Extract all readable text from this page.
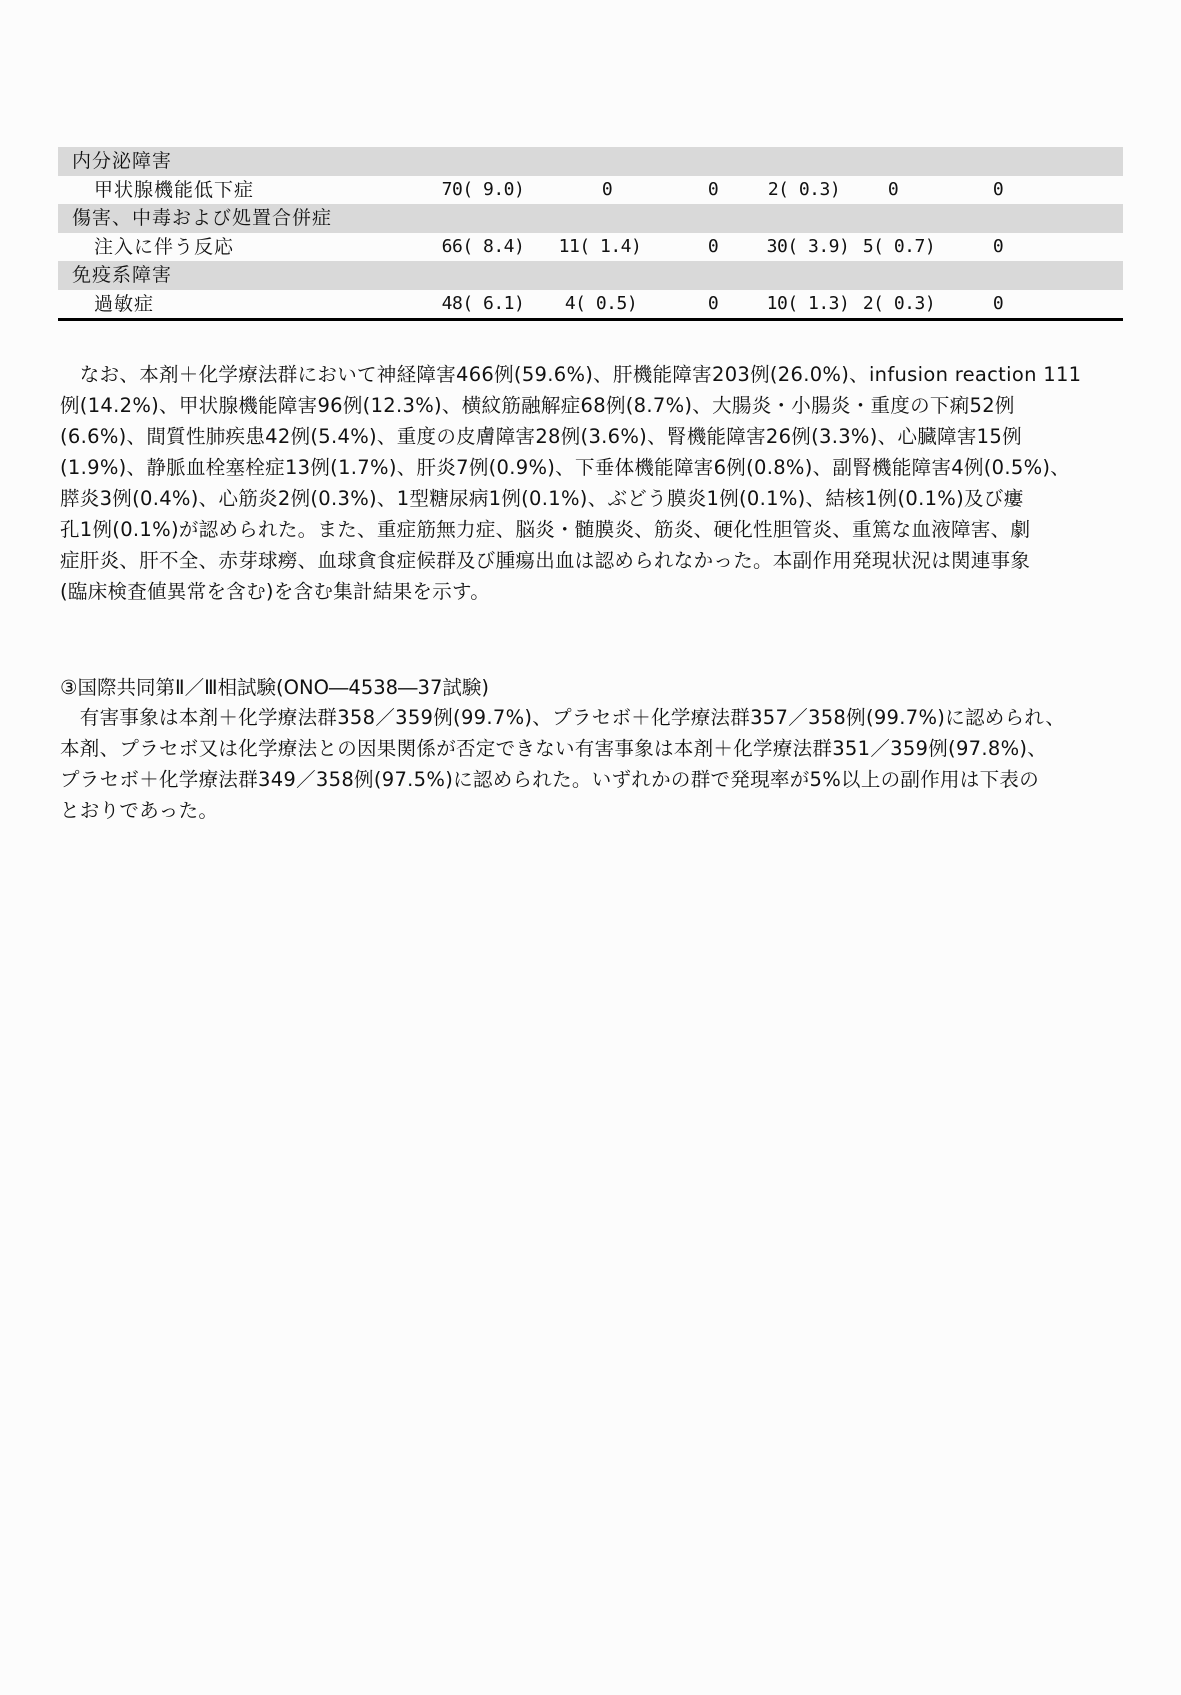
内分泌障害
甲状腺機能低下症	70( 9.0)	0	0	2( 0.3)	0	0
傷害、中毒および処置合併症
注入に伴う反応	66( 8.4) 11( 1.4)	0	30( 3.9) 5( 0.7)	0
免疫系障害
過敏症	48( 6.1) 4( 0.5)	0	10( 1.3) 2( 0.3)	0
　なお、本剤＋化学療法群において神経障害466例(59.6%)、肝機能障害203例(26.0%)、infusion reaction 111
例(14.2%)、甲状腺機能障害96例(12.3%)、横紋筋融解症68例(8.7%)、大腸炎・小腸炎・重度の下痢52例
(6.6%)、間質性肺疾患42例(5.4%)、重度の皮膚障害28例(3.6%)、腎機能障害26例(3.3%)、心臓障害15例
(1.9%)、静脈血栓塞栓症13例(1.7%)、肝炎7例(0.9%)、下垂体機能障害6例(0.8%)、副腎機能障害4例(0.5%)、
膵炎3例(0.4%)、心筋炎2例(0.3%)、1型糖尿病1例(0.1%)、ぶどう膜炎1例(0.1%)、結核1例(0.1%)及び瘻
孔1例(0.1%)が認められた。また、重症筋無力症、脳炎・髄膜炎、筋炎、硬化性胆管炎、重篤な血液障害、劇
症肝炎、肝不全、赤芽球癆、血球貪食症候群及び腫瘍出血は認められなかった。本副作用発現状況は関連事象
(臨床検査値異常を含む)を含む集計結果を示す。
③国際共同第Ⅱ／Ⅲ相試験(ONO―4538―37試験)
　有害事象は本剤＋化学療法群358／359例(99.7%)、プラセボ＋化学療法群357／358例(99.7%)に認められ、
本剤、プラセボ又は化学療法との因果関係が否定できない有害事象は本剤＋化学療法群351／359例(97.8%)、
プラセボ＋化学療法群349／358例(97.5%)に認められた。いずれかの群で発現率が5%以上の副作用は下表の
とおりであった。
